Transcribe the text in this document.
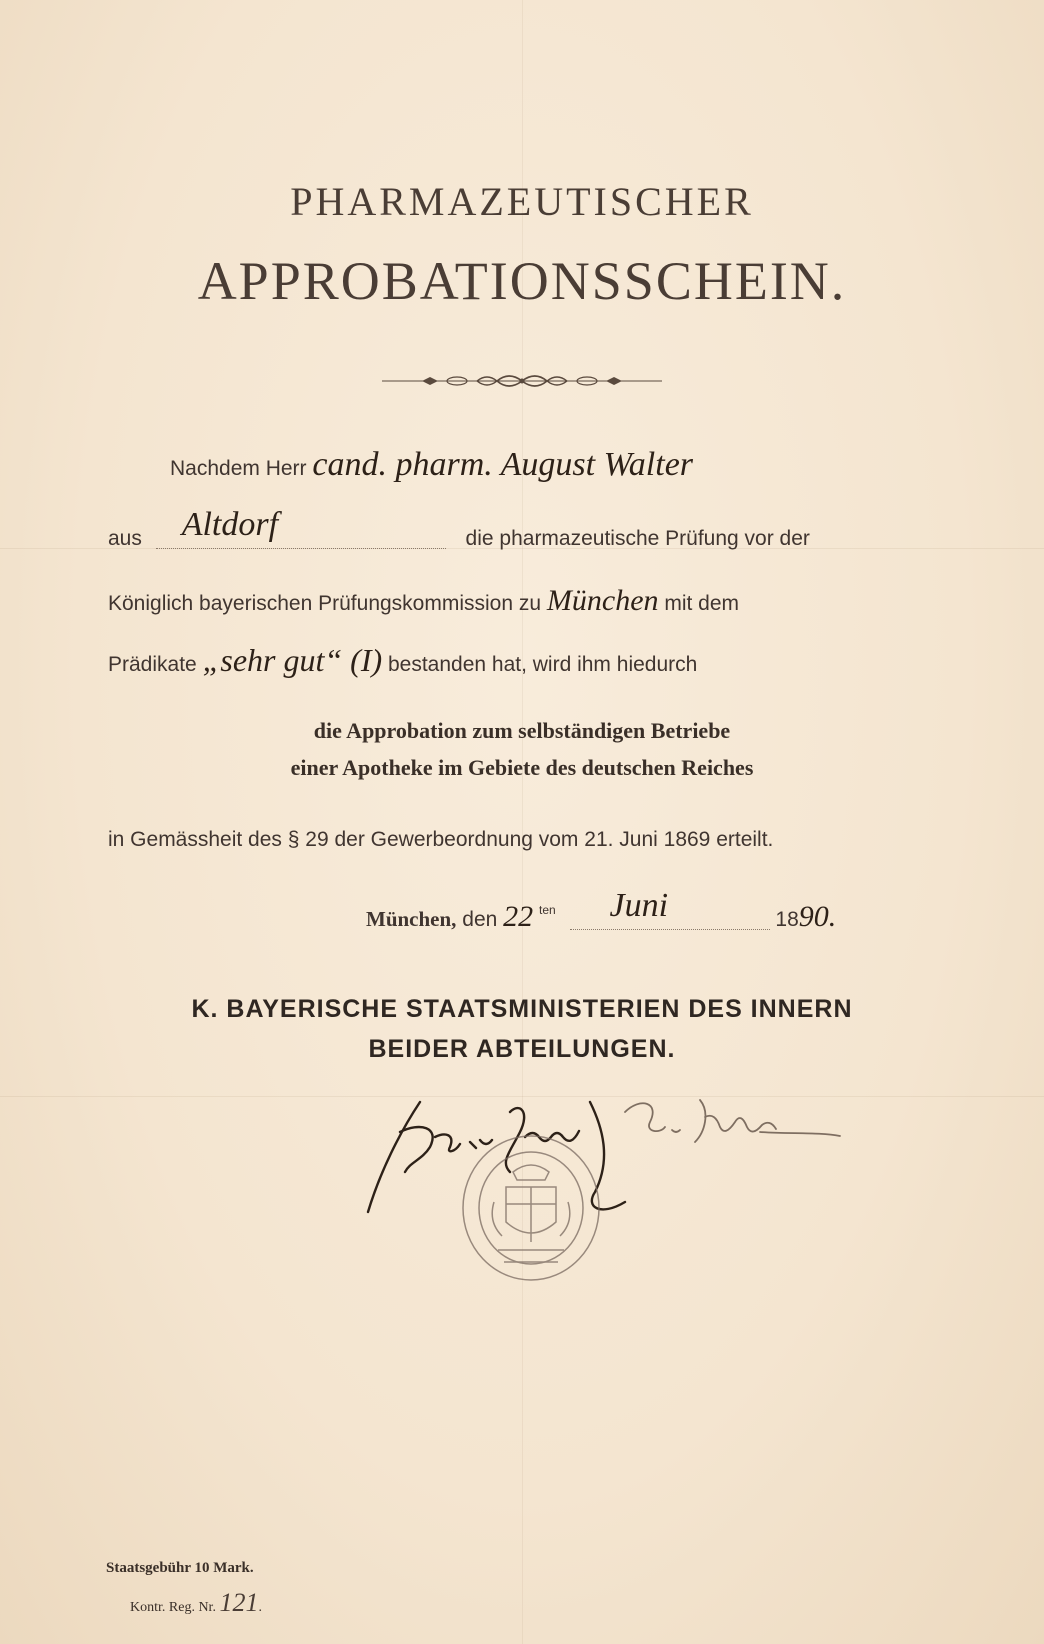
PHARMAZEUTISCHER
APPROBATIONSSCHEIN.
Nachdem Herr cand. pharm. August Walter
aus Altdorf	die pharmazeutische Prüfung vor der
Königlich bayerischen Prüfungskommission zu München mit dem
Prädikate „sehr gut“ (I) bestanden hat, wird ihm hiedurch
die Approbation zum selbständigen Betriebe
einer Apotheke im Gebiete des deutschen Reiches
in Gemässheit des § 29 der Gewerbeordnung vom 21. Juni 1869 erteilt.
München, den 22 $^{ten}$ Juni	1890.
K. BAYERISCHE STAATSMINISTERIEN DES INNERN
BEIDER ABTEILUNGEN.
Staatsgebühr 10 Mark.
Kontr. Reg. Nr. 121.
